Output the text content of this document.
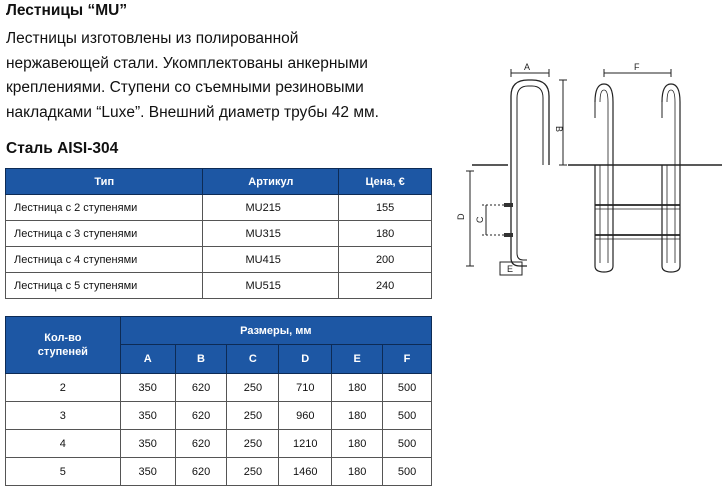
Лестницы “MU”
Лестницы изготовлены из полированной
нержавеющей стали. Укомплектованы анкерными
креплениями. Ступени со съемными резиновыми
накладками “Luxe”. Внешний диаметр трубы 42 мм.
Сталь AISI-304
Тип	Артикул	Цена, €
Лестница с 2 ступенями	MU215	155
Лестница с 3 ступенями	MU315	180
Лестница с 4 ступенями	MU415	200
Лестница с 5 ступенями	MU515	240
Кол-во
ступеней	Размеры, мм					
	A	B	C	D	E	F
2	350	620	250	710	180	500
3	350	620	250	960	180	500
4	350	620	250	1210	180	500
5	350	620	250	1460	180	500
A
B
D C
E
F
